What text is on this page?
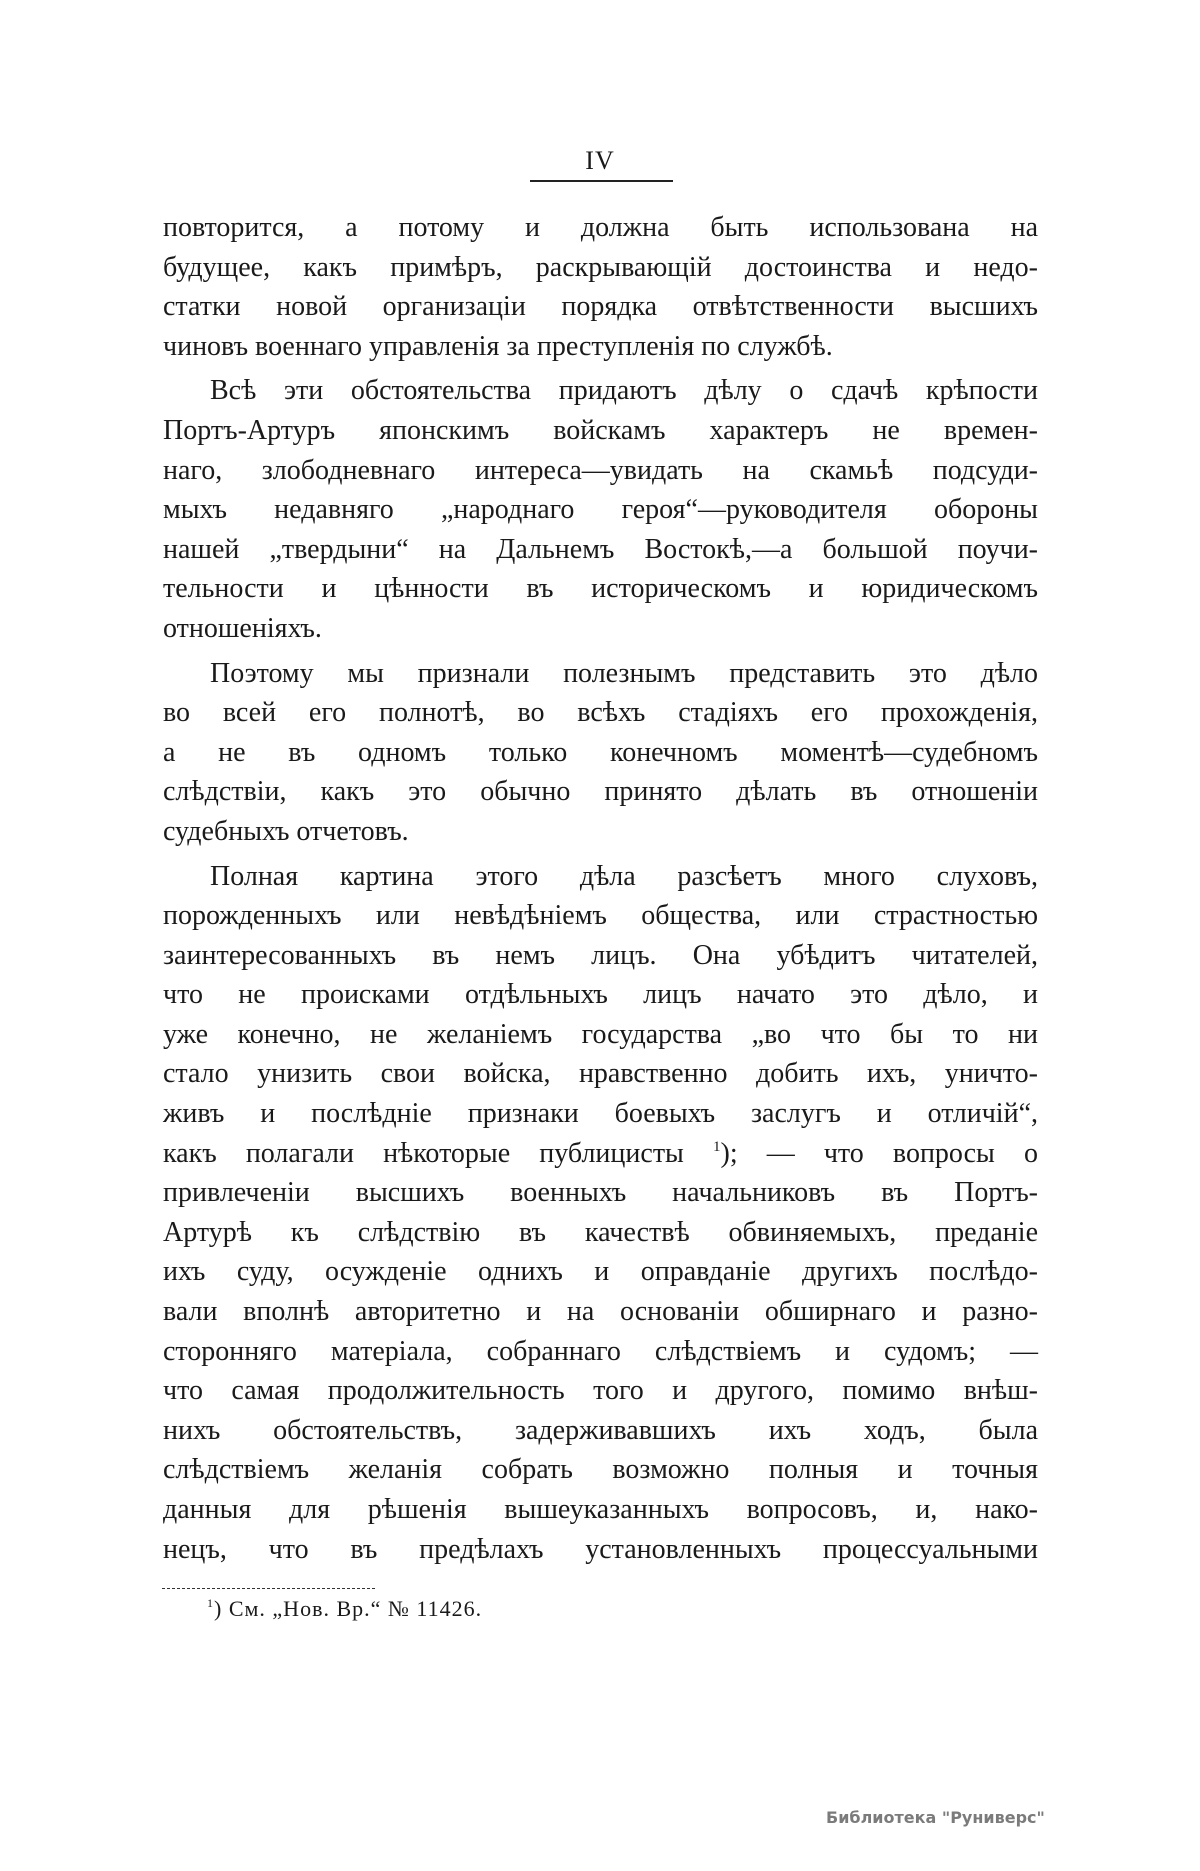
IV
повторится, а потому и должна быть использована на
будущее, какъ примѣръ, раскрывающій достоинства и недо-
статки новой организаціи порядка отвѣтственности высшихъ
чиновъ военнаго управленія за преступленія по службѣ.
Всѣ эти обстоятельства придаютъ дѣлу о сдачѣ крѣпости
Портъ-Артуръ японскимъ войскамъ характеръ не времен-
наго, злободневнаго интереса—увидать на скамьѣ подсуди-
мыхъ недавняго „народнаго героя“—руководителя обороны
нашей „твердыни“ на Дальнемъ Востокѣ,—а большой поучи-
тельности и цѣнности въ историческомъ и юридическомъ
отношеніяхъ.
Поэтому мы признали полезнымъ представить это дѣло
во всей его полнотѣ, во всѣхъ стадіяхъ его прохожденія,
а не въ одномъ только конечномъ моментѣ—судебномъ
слѣдствіи, какъ это обычно принято дѣлать въ отношеніи
судебныхъ отчетовъ.
Полная картина этого дѣла разсѣетъ много слуховъ,
порожденныхъ или невѣдѣніемъ общества, или страстностью
заинтересованныхъ въ немъ лицъ. Она убѣдитъ читателей,
что не происками отдѣльныхъ лицъ начато это дѣло, и
уже конечно, не желаніемъ государства „во что бы то ни
стало унизить свои войска, нравственно добить ихъ, уничто-
живъ и послѣдніе признаки боевыхъ заслугъ и отличій“,
какъ полагали нѣкоторые публицисты $^1$); — что вопросы о
привлеченіи высшихъ военныхъ начальниковъ въ Портъ-
Артурѣ къ слѣдствію въ качествѣ обвиняемыхъ, преданіе
ихъ суду, осужденіе однихъ и оправданіе другихъ послѣдо-
вали вполнѣ авторитетно и на основаніи обширнаго и разно-
сторонняго матеріала, собраннаго слѣдствіемъ и судомъ; —
что самая продолжительность того и другого, помимо внѣш-
нихъ обстоятельствъ, задерживавшихъ ихъ ходъ, была
слѣдствіемъ желанія собрать возможно полныя и точныя
данныя для рѣшенія вышеуказанныхъ вопросовъ, и, нако-
нецъ, что въ предѣлахъ установленныхъ процессуальными
$^1$) См. „Нов. Вр.“ № 11426.
Библиотека "Руниверс"
